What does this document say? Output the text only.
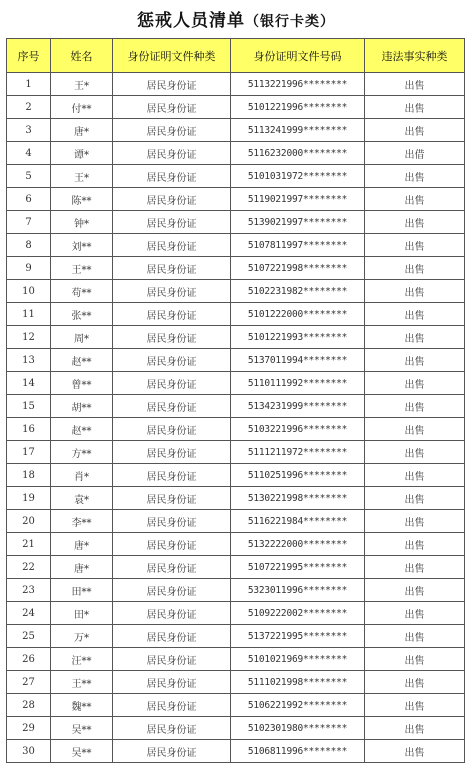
惩戒人员清单（银行卡类）
序号	姓名	身份证明文件种类	身份证明文件号码	违法事实种类
1	王*	居民身份证	5113221996********	出售
2	付**	居民身份证	5101221996********	出售
3	唐*	居民身份证	5113241999********	出售
4	谭*	居民身份证	5116232000********	出借
5	王*	居民身份证	5101031972********	出售
6	陈**	居民身份证	5119021997********	出售
7	钟*	居民身份证	5139021997********	出售
8	刘**	居民身份证	5107811997********	出售
9	王**	居民身份证	5107221998********	出售
10	苟**	居民身份证	5102231982********	出售
11	张**	居民身份证	5101222000********	出售
12	周*	居民身份证	5101221993********	出售
13	赵**	居民身份证	5137011994********	出售
14	曾**	居民身份证	5110111992********	出售
15	胡**	居民身份证	5134231999********	出售
16	赵**	居民身份证	5103221996********	出售
17	方**	居民身份证	5111211972********	出售
18	肖*	居民身份证	5110251996********	出售
19	袁*	居民身份证	5130221998********	出售
20	李**	居民身份证	5116221984********	出售
21	唐*	居民身份证	5132222000********	出售
22	唐*	居民身份证	5107221995********	出售
23	田**	居民身份证	5323011996********	出售
24	田*	居民身份证	5109222002********	出售
25	万*	居民身份证	5137221995********	出售
26	汪**	居民身份证	5101021969********	出售
27	王**	居民身份证	5111021998********	出售
28	魏**	居民身份证	5106221992********	出售
29	吴**	居民身份证	5102301980********	出售
30	吴**	居民身份证	5106811996********	出售
